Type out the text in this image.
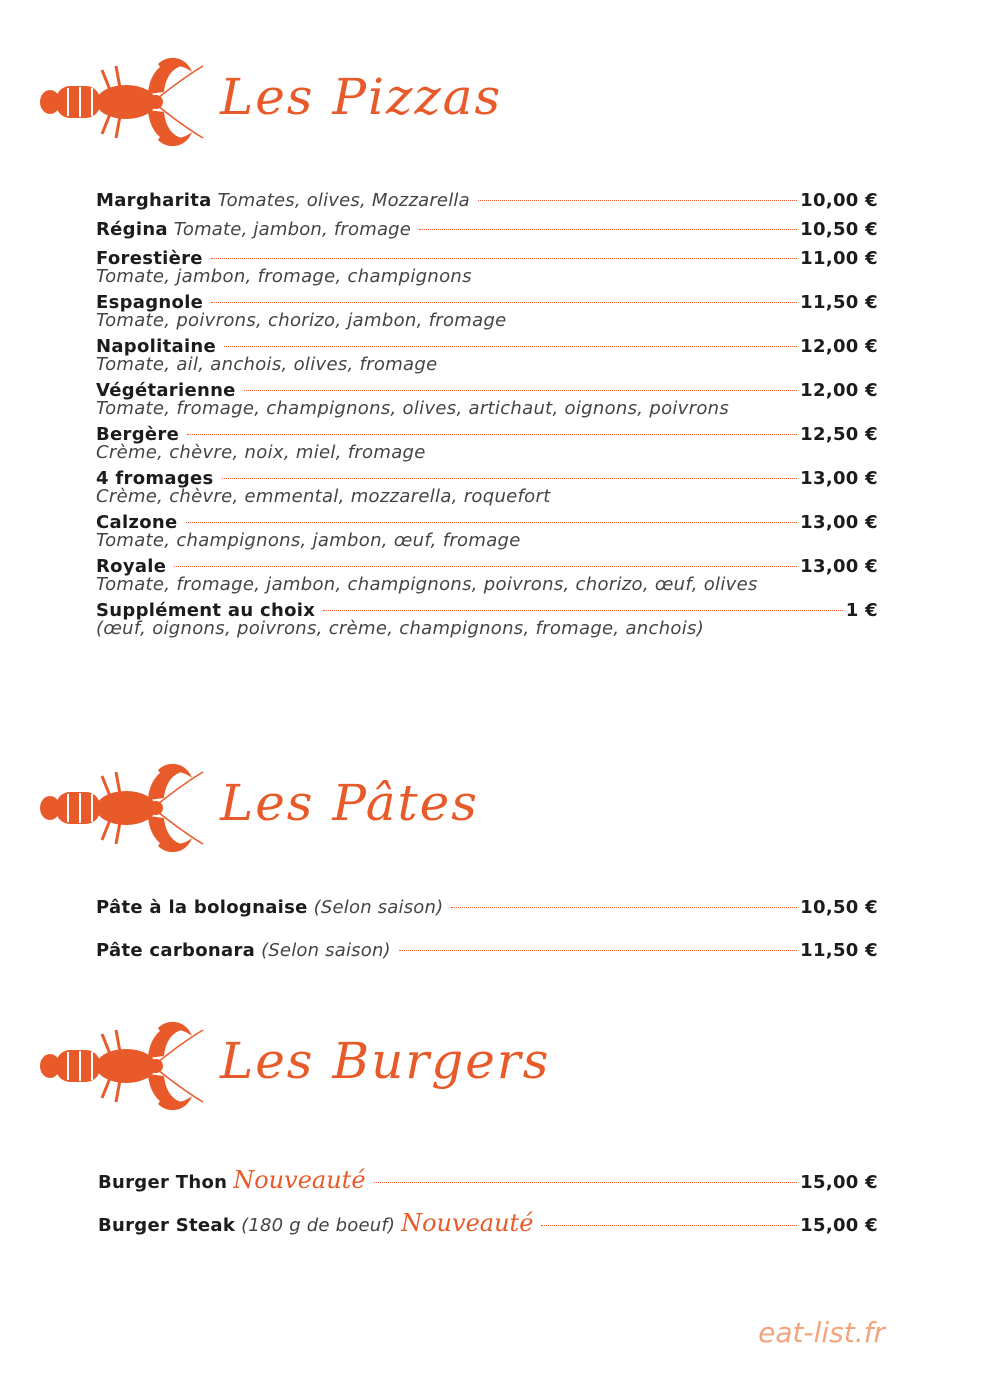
Les Pizzas
Margharita Tomates, olives, Mozzarella	10,00 €
Régina Tomate, jambon, fromage	10,50 €
Forestière	11,00 €
Tomate, jambon, fromage, champignons
Espagnole	11,50 €
Tomate, poivrons, chorizo, jambon, fromage
Napolitaine	12,00 €
Tomate, ail, anchois, olives, fromage
Végétarienne	12,00 €
Tomate, fromage, champignons, olives, artichaut, oignons, poivrons
Bergère	12,50 €
Crème, chèvre, noix, miel, fromage
4 fromages	13,00 €
Crème, chèvre, emmental, mozzarella, roquefort
Calzone	13,00 €
Tomate, champignons, jambon, œuf, fromage
Royale	13,00 €
Tomate, fromage, jambon, champignons, poivrons, chorizo, œuf, olives
Supplément au choix	1 €
(œuf, oignons, poivrons, crème, champignons, fromage, anchois)
Les Pâtes
Pâte à la bolognaise (Selon saison)	10,50 €
Pâte carbonara (Selon saison)	11,50 €
Les Burgers
Burger Thon Nouveauté	15,00 €
Burger Steak (180 g de boeuf) Nouveauté	15,00 €
eat-list.fr
